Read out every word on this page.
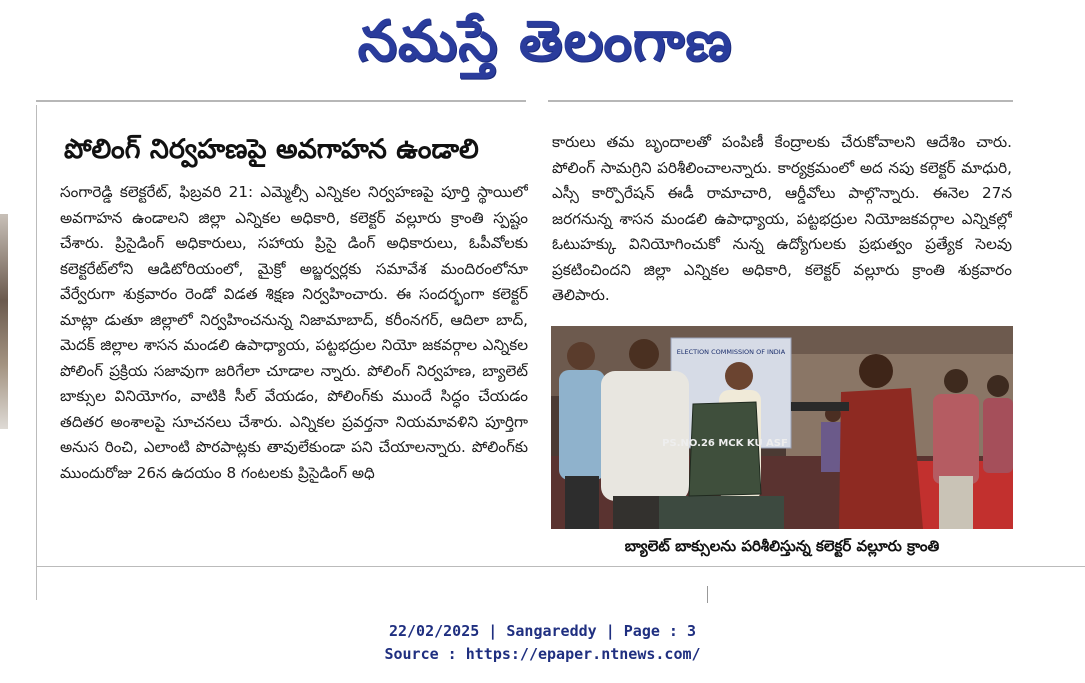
నమస్తే తెలంగాణ
పోలింగ్ నిర్వహణపై అవగాహన ఉండాలి

సంగారెడ్డి కలెక్టరేట్, ఫిబ్రవరి 21: ఎమ్మెల్సీ ఎన్నికల నిర్వహణపై పూర్తి స్థాయిలో అవగాహన ఉండాలని జిల్లా ఎన్నికల అధికారి, కలెక్టర్ వల్లూరు క్రాంతి స్పష్టం చేశారు. ప్రిసైడింగ్ అధికారులు, సహాయ ప్రిసై డింగ్ అధికారులు, ఓపీవోలకు కలెక్టరేట్‌లోని ఆడిటోరియంలో, మైక్రో అబ్జర్వర్లకు సమావేశ మందిరంలోనూ వేర్వేరుగా శుక్రవారం రెండో విడత శిక్షణ నిర్వహించారు. ఈ సందర్భంగా కలెక్టర్ మాట్లా డుతూ జిల్లాలో నిర్వహించనున్న నిజామాబాద్, కరీంనగర్, ఆదిలా బాద్, మెదక్ జిల్లాల శాసన మండలి ఉపాధ్యాయ, పట్టభద్రుల నియో జకవర్గాల ఎన్నికల పోలింగ్ ప్రక్రియ సజావుగా జరిగేలా చూడాల న్నారు. పోలింగ్ నిర్వహణ, బ్యాలెట్ బాక్సుల వినియోగం, వాటికి సీల్ వేయడం, పోలింగ్‌కు ముందే సిద్ధం చేయడం తదితర అంశాలపై సూచనలు చేశారు. ఎన్నికల ప్రవర్తనా నియమావళిని పూర్తిగా అనుస రించి, ఎలాంటి పొరపాట్లకు తావులేకుండా పని చేయాలన్నారు. పోలింగ్‌కు ముందురోజు 26న ఉదయం 8 గంటలకు ప్రిసైడింగ్ అధి

కారులు తమ బృందాలతో పంపిణీ కేంద్రాలకు చేరుకోవాలని ఆదేశిం చారు. పోలింగ్ సామగ్రిని పరిశీలించాలన్నారు. కార్యక్రమంలో అద నపు కలెక్టర్ మాధురి, ఎస్సీ కార్పొరేషన్ ఈడీ రామాచారి, ఆర్డీవోలు పాల్గొన్నారు. ఈనెల 27న జరగనున్న శాసన మండలి ఉపాధ్యాయ, పట్టభద్రుల నియోజకవర్గాల ఎన్నికల్లో ఓటుహక్కు వినియోగించుకో నున్న ఉద్యోగులకు ప్రభుత్వం ప్రత్యేక సెలవు ప్రకటించిందని జిల్లా ఎన్నికల అధికారి, కలెక్టర్ వల్లూరు క్రాంతి శుక్రవారం తెలిపారు.

ELECTION COMMISSION OF INDIA
PS.NO.26 MCK KU ASF
బ్యాలెట్ బాక్సులను పరిశీలిస్తున్న కలెక్టర్ వల్లూరు క్రాంతి
22/02/2025 | Sangareddy | Page : 3
Source : https://epaper.ntnews.com/
